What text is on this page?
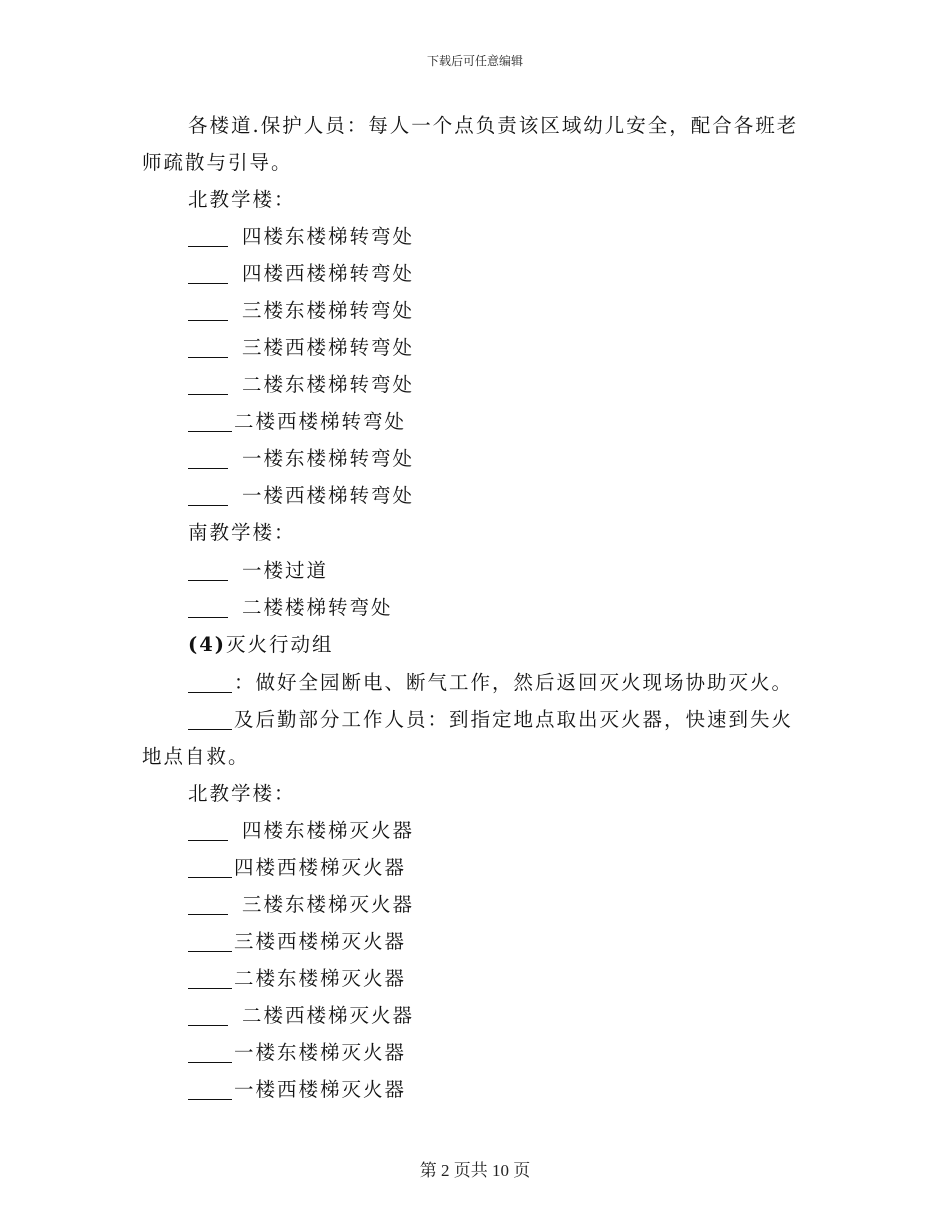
下载后可任意编辑
各楼道.保护人员：每人一个点负责该区域幼儿安全，配合各班老
师疏散与引导。
北教学楼：
四楼东楼梯转弯处
四楼西楼梯转弯处
三楼东楼梯转弯处
三楼西楼梯转弯处
二楼东楼梯转弯处
二楼西楼梯转弯处
一楼东楼梯转弯处
一楼西楼梯转弯处
南教学楼：
一楼过道
二楼楼梯转弯处
(4)灭火行动组
：做好全园断电、断气工作，然后返回灭火现场协助灭火。
及后勤部分工作人员：到指定地点取出灭火器，快速到失火
地点自救。
北教学楼：
四楼东楼梯灭火器
四楼西楼梯灭火器
三楼东楼梯灭火器
三楼西楼梯灭火器
二楼东楼梯灭火器
二楼西楼梯灭火器
一楼东楼梯灭火器
一楼西楼梯灭火器
第 2 页共 10 页
